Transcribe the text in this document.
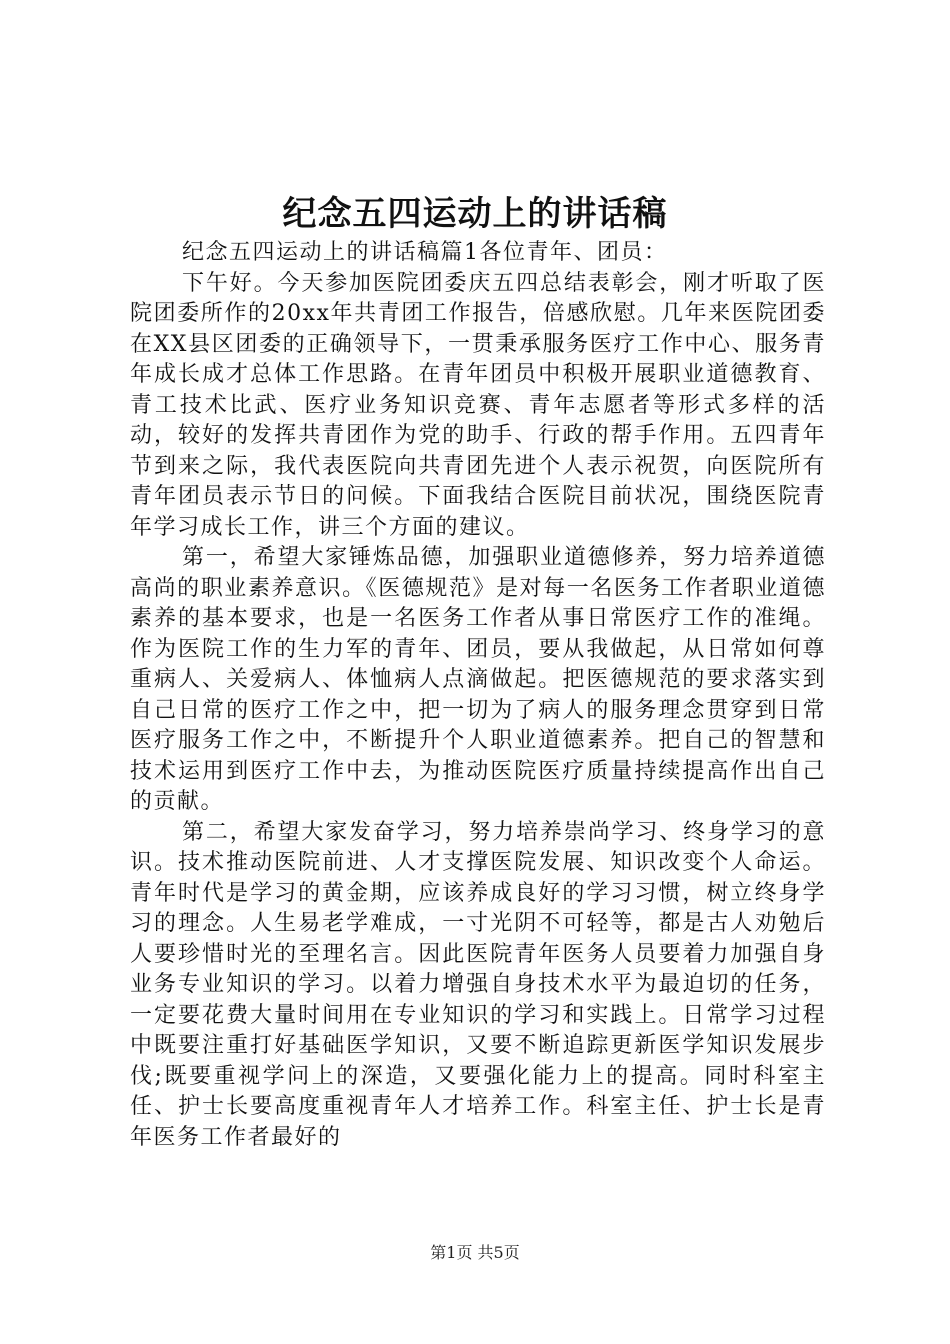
纪念五四运动上的讲话稿

纪念五四运动上的讲话稿篇1各位青年、团员：

下午好。今天参加医院团委庆五四总结表彰会，刚才听取了医院团委所作的20xx年共青团工作报告，倍感欣慰。几年来医院团委在XX县区团委的正确领导下，一贯秉承服务医疗工作中心、服务青年成长成才总体工作思路。在青年团员中积极开展职业道德教育、青工技术比武、医疗业务知识竞赛、青年志愿者等形式多样的活动，较好的发挥共青团作为党的助手、行政的帮手作用。五四青年节到来之际，我代表医院向共青团先进个人表示祝贺，向医院所有青年团员表示节日的问候。下面我结合医院目前状况，围绕医院青年学习成长工作，讲三个方面的建议。

第一，希望大家锤炼品德，加强职业道德修养，努力培养道德高尚的职业素养意识。《医德规范》是对每一名医务工作者职业道德素养的基本要求，也是一名医务工作者从事日常医疗工作的准绳。作为医院工作的生力军的青年、团员，要从我做起，从日常如何尊重病人、关爱病人、体恤病人点滴做起。把医德规范的要求落实到自己日常的医疗工作之中，把一切为了病人的服务理念贯穿到日常医疗服务工作之中，不断提升个人职业道德素养。把自己的智慧和技术运用到医疗工作中去，为推动医院医疗质量持续提高作出自己的贡献。

第二，希望大家发奋学习，努力培养崇尚学习、终身学习的意识。技术推动医院前进、人才支撑医院发展、知识改变个人命运。青年时代是学习的黄金期，应该养成良好的学习习惯，树立终身学习的理念。人生易老学难成，一寸光阴不可轻等，都是古人劝勉后人要珍惜时光的至理名言。因此医院青年医务人员要着力加强自身业务专业知识的学习。以着力增强自身技术水平为最迫切的任务，一定要花费大量时间用在专业知识的学习和实践上。日常学习过程中既要注重打好基础医学知识，又要不断追踪更新医学知识发展步伐;既要重视学问上的深造，又要强化能力上的提高。同时科室主任、护士长要高度重视青年人才培养工作。科室主任、护士长是青年医务工作者最好的

第1页 共5页
